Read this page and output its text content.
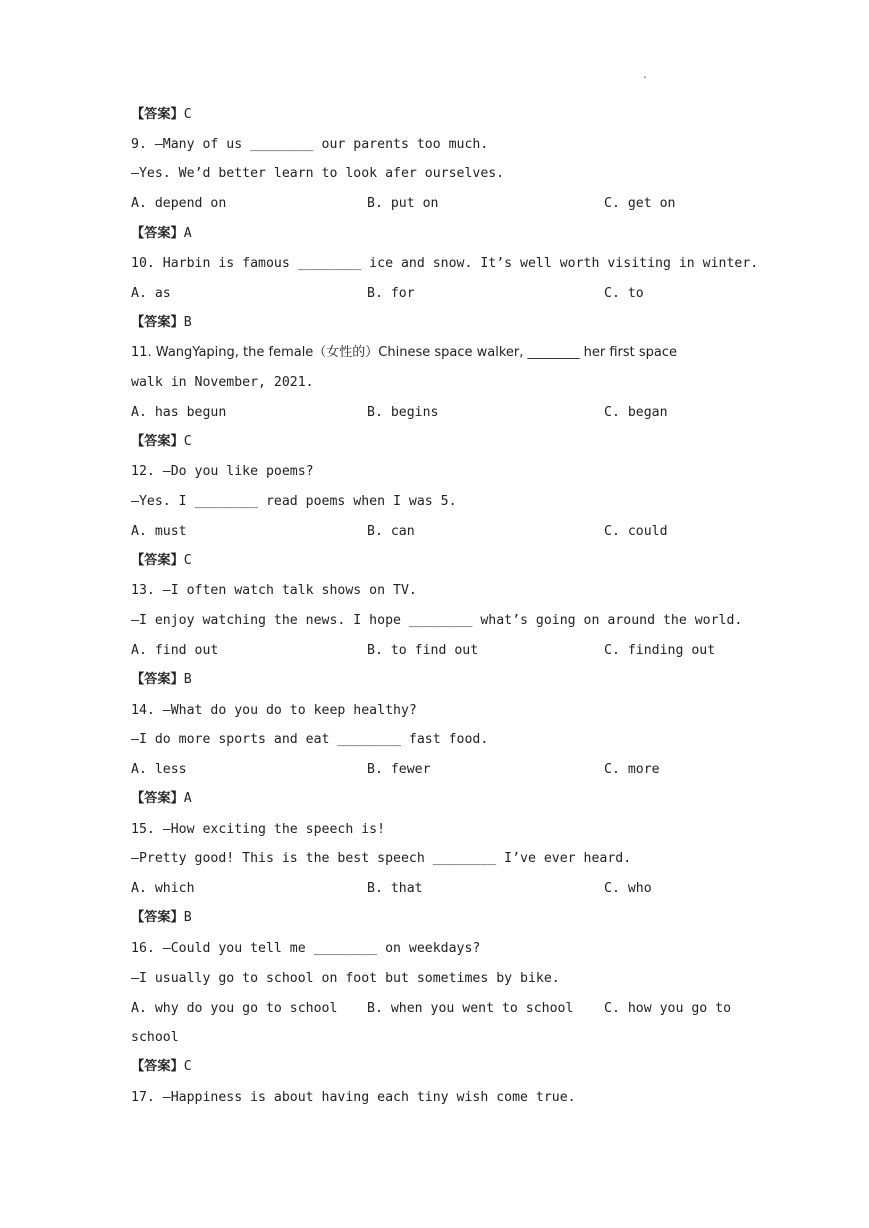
.
【答案】C
9. —Many of us ________ our parents too much.
—Yes. We’d better learn to look afer ourselves.
A. depend on	B. put on	C. get on
【答案】A
10. Harbin is famous ________ ice and snow. It’s well worth visiting in winter.
A. as	B. for	C. to
【答案】B
11. WangYaping, the female（女性的）Chinese space walker, ________ her first space
walk in November, 2021.
A. has begun	B. begins	C. began
【答案】C
12. —Do you like poems?
—Yes. I ________ read poems when I was 5.
A. must	B. can	C. could
【答案】C
13. —I often watch talk shows on TV.
—I enjoy watching the news. I hope ________ what’s going on around the world.
A. find out	B. to find out	C. finding out
【答案】B
14. —What do you do to keep healthy?
—I do more sports and eat ________ fast food.
A. less	B. fewer	C. more
【答案】A
15. —How exciting the speech is!
—Pretty good! This is the best speech ________ I’ve ever heard.
A. which	B. that	C. who
【答案】B
16. —Could you tell me ________ on weekdays?
—I usually go to school on foot but sometimes by bike.
A. why do you go to school B. when you went to school C. how you go to
school
【答案】C
17. —Happiness is about having each tiny wish come true.
